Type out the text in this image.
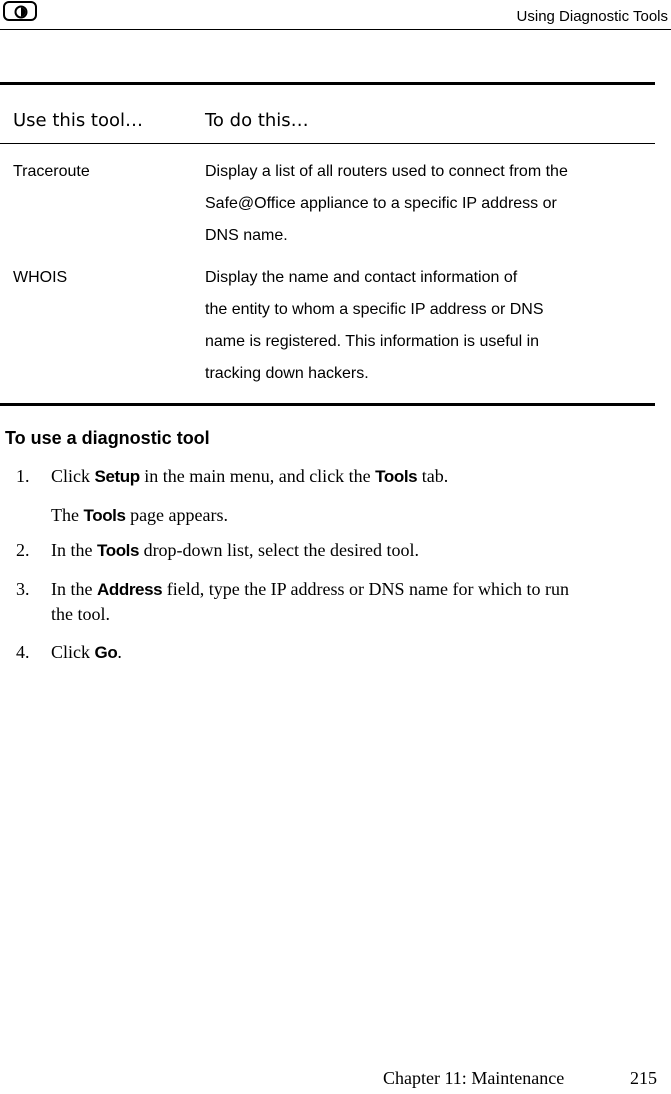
Using Diagnostic Tools
Use this tool…	To do this…
Traceroute	Display a list of all routers used to connect from the
Safe@Office appliance to a specific IP address or
DNS name.
WHOIS	Display the name and contact information of
the entity to whom a specific IP address or DNS
name is registered. This information is useful in
tracking down hackers.
To use a diagnostic tool
1. Click Setup in the main menu, and click the Tools tab.
The Tools page appears.
2. In the Tools drop-down list, select the desired tool.
3. In the Address field, type the IP address or DNS name for which to run
the tool.
4. Click Go.
Chapter 11: Maintenance	215
